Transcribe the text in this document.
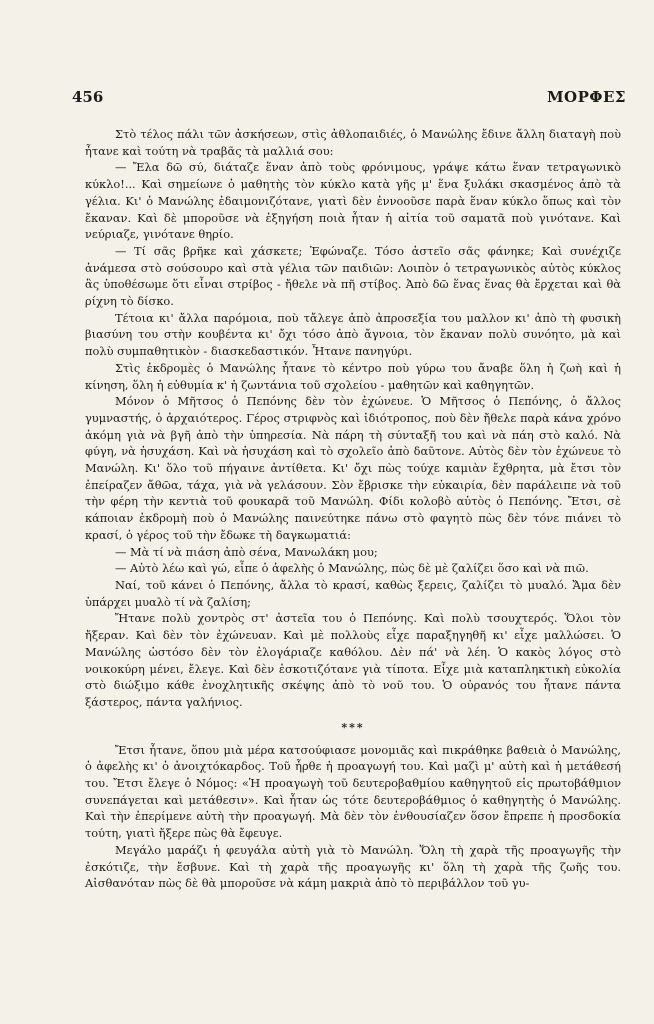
456	ΜΟΡΦΕΣ

Στὸ τέλος πάλι τῶν ἀσκήσεων, στὶς ἀθλοπαιδιές, ὁ Μανώλης ἔδινε ἄλλη διαταγὴ ποὺ ἦτανε καὶ τούτη νὰ τραβᾶς τὰ μαλλιά σου:

— Ἔλα δῶ σύ, διάταζε ἕναν ἀπὸ τοὺς φρόνιμους, γράψε κάτω ἕναν τετραγωνικὸ κύκλο!... Καὶ σημείωνε ὁ μαθητὴς τὸν κύκλο κατὰ γῆς μ' ἕνα ξυλάκι σκασμένος ἀπὸ τὰ γέλια. Κι' ὁ Μανώλης ἐδαιμονιζότανε, γιατὶ δὲν ἐννοοῦσε παρὰ ἕναν κύκλο ὅπως καὶ τὸν ἔκαναν. Καὶ δὲ μποροῦσε νὰ ἐξηγήση ποιὰ ἦταν ἡ αἰτία τοῦ σαματᾶ ποὺ γινότανε. Καὶ νεύριαζε, γινότανε θηρίο.

— Τί σᾶς βρῆκε καὶ χάσκετε; Ἐφώναζε. Τόσο ἀστεῖο σᾶς φάνηκε; Καὶ συνέχιζε ἀνάμεσα στὸ σούσουρο καὶ στὰ γέλια τῶν παιδιῶν: Λοιπὸν ὁ τετραγωνικὸς αὐτὸς κύκλος ἂς ὑποθέσωμε ὅτι εἶναι στρίβος - ἤθελε νὰ πῆ στίβος. Ἀπὸ δῶ ἕνας ἕνας θὰ ἔρχεται καὶ θὰ ρίχνη τὸ δίσκο.

Τέτοια κι' ἄλλα παρόμοια, ποὺ τἄλεγε ἀπὸ ἀπροσεξία του μαλλον κι' ἀπὸ τὴ φυσικὴ βιασύνη του στὴν κουβέντα κι' ὄχι τόσο ἀπὸ ἄγνοια, τὸν ἔκαναν πολὺ συνόητο, μὰ καὶ πολὺ συμπαθητικὸν - διασκεδαστικόν. Ἦτανε πανηγύρι.

Στὶς ἐκδρομὲς ὁ Μανώλης ἦτανε τὸ κέντρο ποὺ γύρω του ἄναβε ὅλη ἡ ζωὴ καὶ ἡ κίνηση, ὅλη ἡ εὐθυμία κ' ἡ ζωντάνια τοῦ σχολείου - μαθητῶν καὶ καθηγητῶν.

Μόνον ὁ Μῆτσος ὁ Πεπόνης δὲν τὸν ἐχώνευε. Ὁ Μῆτσος ὁ Πεπόνης, ὁ ἄλλος γυμναστής, ὁ ἀρχαιότερος. Γέρος στριφνὸς καὶ ἰδιότροπος, ποὺ δὲν ἤθελε παρὰ κάνα χρόνο ἀκόμη γιὰ νὰ βγῆ ἀπὸ τὴν ὑπηρεσία. Νὰ πάρη τὴ σύνταξῆ του καὶ νὰ πάη στὸ καλό. Νὰ φύγη, νὰ ἡσυχάση. Καὶ νὰ ἡσυχάση καὶ τὸ σχολεῖο ἀπὸ δαῦτονε. Αὐτὸς δὲν τὸν ἐχώνευε τὸ Μανώλη. Κι' ὅλο τοῦ πήγαινε ἀντίθετα. Κι' ὄχι πὼς τούχε καμιὰν ἔχθρητα, μὰ ἔτσι τὸν ἐπείραζεν ἄθῶα, τάχα, γιὰ νὰ γελάσουν. Σὸν ἔβρισκε τὴν εὐκαιρία, δὲν παράλειπε νὰ τοῦ τὴν φέρη τὴν κεντιὰ τοῦ φουκαρᾶ τοῦ Μανώλη. Φίδι κολοβὸ αὐτὸς ὁ Πεπόνης. Ἔτσι, σὲ κάποιαν ἐκδρομὴ ποὺ ὁ Μανώλης παινεύτηκε πάνω στὸ φαγητὸ πὼς δὲν τόνε πιάνει τὸ κρασί, ὁ γέρος τοῦ τὴν ἔδωκε τὴ δαγκωματιά:

— Μὰ τί νὰ πιάση ἀπὸ σένα, Μανωλάκη μου;

— Αὐτὸ λέω καὶ γώ, εἶπε ὁ ἀφελὴς ὁ Μανώλης, πὼς δὲ μὲ ζαλίζει ὅσο καὶ νὰ πιῶ.

Ναί, τοῦ κάνει ὁ Πεπόνης, ἄλλα τὸ κρασί, καθὼς ξερεις, ζαλίζει τὸ μυαλό. Ἄμα δὲν ὑπάρχει μυαλὸ τί νὰ ζαλίση;

Ἤτανε πολὺ χοντρὸς στ' ἀστεῖα του ὁ Πεπόνης. Καὶ πολὺ τσουχτερός. Ὅλοι τὸν ἤξεραν. Καὶ δὲν τὸν ἐχώνευαν. Καὶ μὲ πολλοὺς εἶχε παραξηγηθῆ κι' εἶχε μαλλώσει. Ὁ Μανώλης ὡστόσο δὲν τὸν ἐλογάριαζε καθόλου. Δὲν πά' νὰ λέη. Ὁ κακὸς λόγος στὸ νοικοκύρη μένει, ἔλεγε. Καὶ δὲν ἐσκοτιζότανε γιὰ τίποτα. Εἶχε μιὰ καταπληκτικὴ εὐκολία στὸ διώξιμο κάθε ἐνοχλητικῆς σκέψης ἀπὸ τὸ νοῦ του. Ὁ οὐρανός του ἦτανε πάντα ξάστερος, πάντα γαλήνιος.

***

Ἔτσι ἦτανε, ὅπου μιὰ μέρα κατσούφιασε μονομιᾶς καὶ πικράθηκε βαθειὰ ὁ Μανώλης, ὁ ἀφελὴς κι' ὁ ἀνοιχτόκαρδος. Τοῦ ἦρθε ἡ προαγωγή του. Καὶ μαζὶ μ' αὐτὴ καὶ ἡ μετάθεσή του. Ἔτσι ἔλεγε ὁ Νόμος: «Ἡ προαγωγὴ τοῦ δευτεροβαθμίου καθηγητοῦ εἰς πρωτοβάθμιον συνεπάγεται καὶ μετάθεσιν». Καὶ ἦταν ὡς τότε δευτεροβάθμιος ὁ καθηγητὴς ὁ Μανώλης. Καὶ τὴν ἐπερίμενε αὐτὴ τὴν προαγωγή. Μὰ δὲν τὸν ἐνθουσίαζεν ὅσον ἔπρεπε ἡ προσδοκία τούτη, γιατὶ ἤξερε πὼς θὰ ἔφευγε.

Μεγάλο μαράζι ἡ φευγάλα αὐτὴ γιὰ τὸ Μανώλη. Ὅλη τὴ χαρὰ τῆς προαγωγῆς τὴν ἐσκότιζε, τὴν ἔσβυνε. Καὶ τὴ χαρὰ τῆς προαγωγῆς κι' ὅλη τὴ χαρὰ τῆς ζωῆς του. Αἰσθανόταν πὼς δὲ θὰ μποροῦσε νὰ κάμη μακριὰ ἀπὸ τὸ περιβάλλον τοῦ γυ-
